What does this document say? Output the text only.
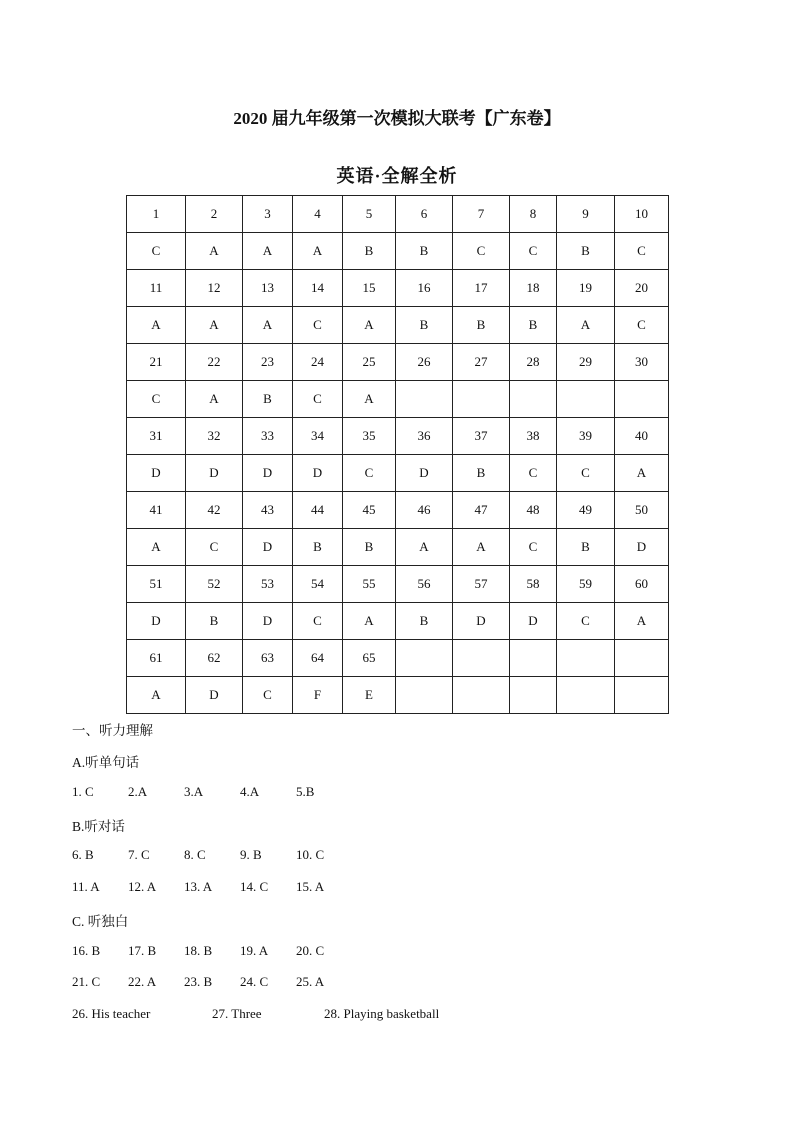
2020 届九年级第一次模拟大联考【广东卷】
英语·全解全析
1	2	3	4	5	6	7	8	9	10
C	A	A	A	B	B	C	C	B	C
11	12	13	14	15	16	17	18	19	20
A	A	A	C	A	B	B	B	A	C
21	22	23	24	25	26	27	28	29	30
C	A	B	C	A					
31	32	33	34	35	36	37	38	39	40
D	D	D	D	C	D	B	C	C	A
41	42	43	44	45	46	47	48	49	50
A	C	D	B	B	A	A	C	B	D
51	52	53	54	55	56	57	58	59	60
D	B	D	C	A	B	D	D	C	A
61	62	63	64	65					
A	D	C	F	E					
一、听力理解
A.听单句话
1. C	2.A	3.A	4.A	5.B
B.听对话
6. B	7. C	8. C	9. B	10. C
11. A 12. A 13. A 14. C 15. A
C. 听独白
16. B 17. B 18. B 19. A 20. C
21. C 22. A 23. B 24. C 25. A
26. His teacher	27. Three	28. Playing basketball
